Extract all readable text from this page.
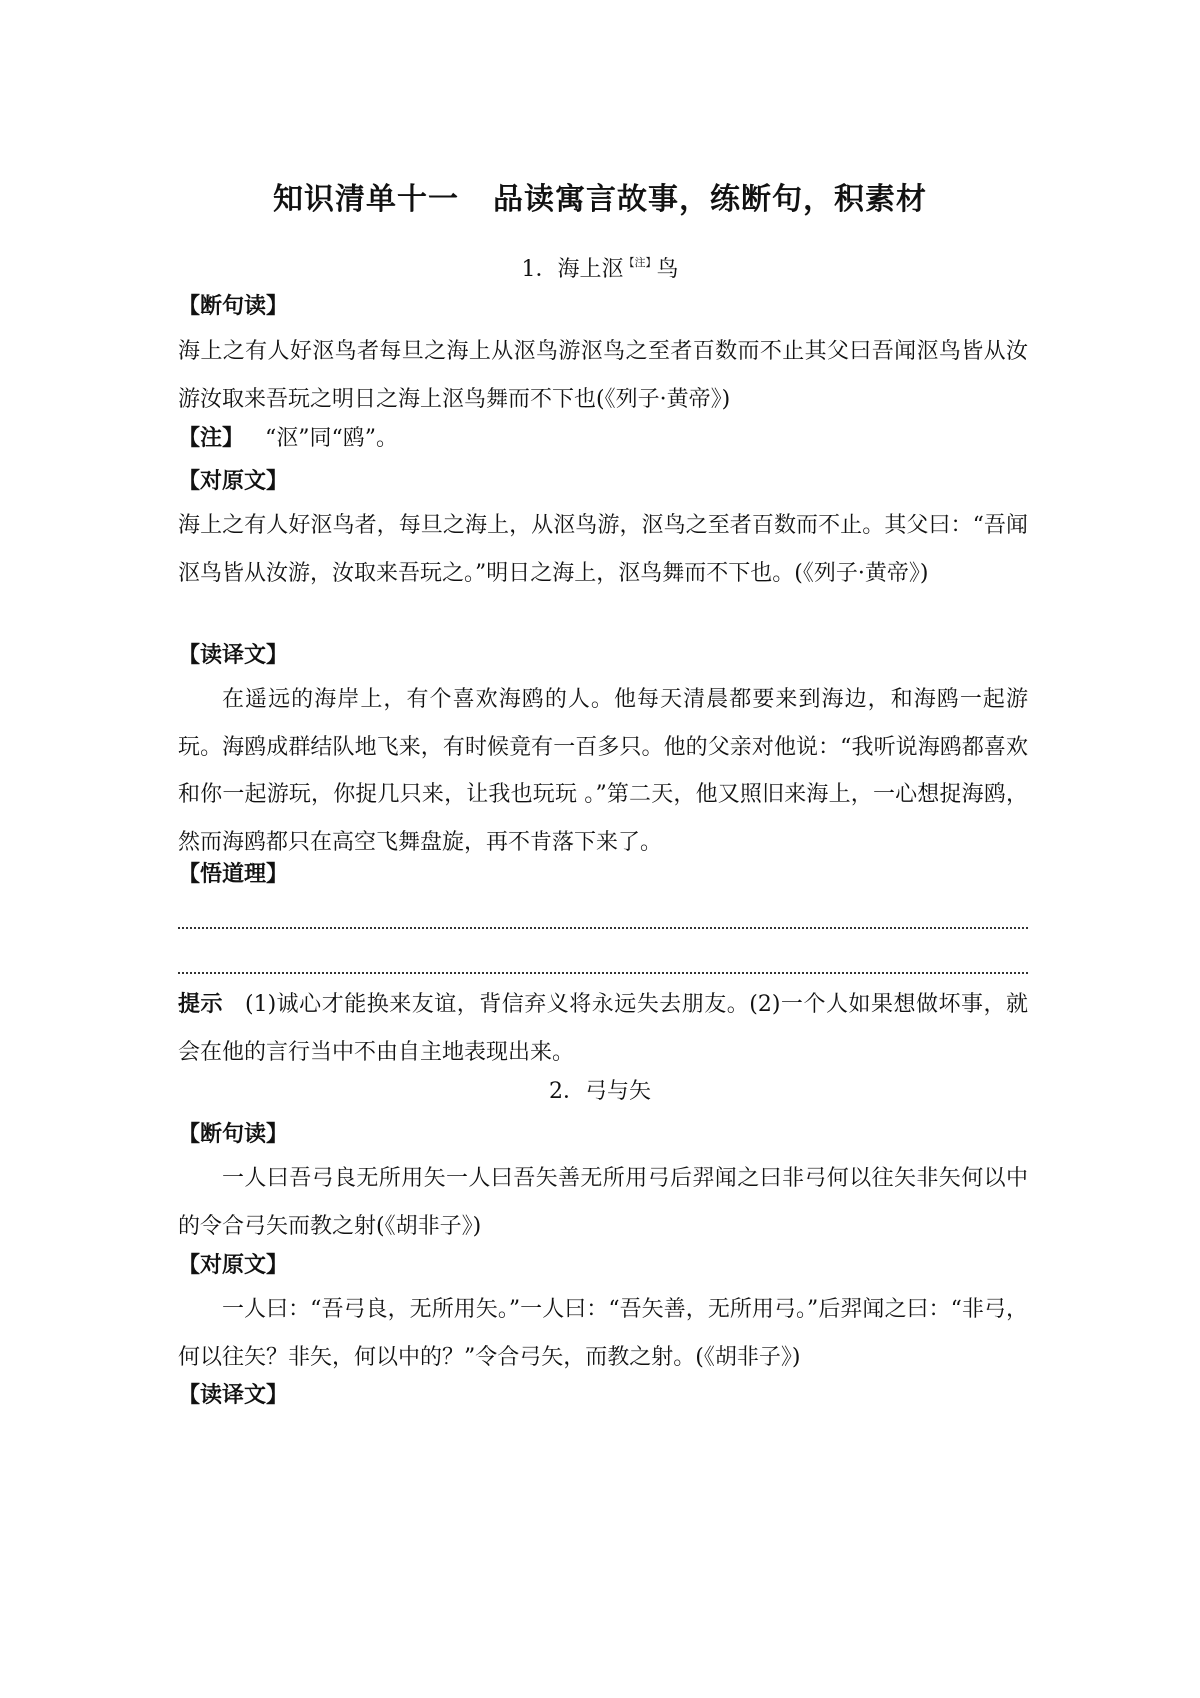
知识清单十一 品读寓言故事，练断句，积素材
1．海上沤$^{【注】}$鸟
【断句读】
海上之有人好沤鸟者每旦之海上从沤鸟游沤鸟之至者百数而不止其父曰吾闻沤鸟皆从汝游汝取来吾玩之明日之海上沤鸟舞而不下也(《列子·黄帝》)
【注】 “沤”同“鸥”。
【对原文】
海上之有人好沤鸟者，每旦之海上，从沤鸟游，沤鸟之至者百数而不止。其父曰：“吾闻沤鸟皆从汝游，汝取来吾玩之。”明日之海上，沤鸟舞而不下也。(《列子·黄帝》)
【读译文】
在遥远的海岸上，有个喜欢海鸥的人。他每天清晨都要来到海边，和海鸥一起游玩。海鸥成群结队地飞来，有时候竟有一百多只。他的父亲对他说：“我听说海鸥都喜欢和你一起游玩，你捉几只来，让我也玩玩 。”第二天，他又照旧来海上，一心想捉海鸥，然而海鸥都只在高空飞舞盘旋，再不肯落下来了。
【悟道理】
提示 (1)诚心才能换来友谊，背信弃义将永远失去朋友。(2)一个人如果想做坏事，就会在他的言行当中不由自主地表现出来。
2．弓与矢
【断句读】
一人曰吾弓良无所用矢一人曰吾矢善无所用弓后羿闻之曰非弓何以往矢非矢何以中的令合弓矢而教之射(《胡非子》)
【对原文】
一人曰：“吾弓良，无所用矢。”一人曰：“吾矢善，无所用弓。”后羿闻之曰：“非弓，何以往矢？非矢，何以中的？”令合弓矢，而教之射。(《胡非子》)
【读译文】
